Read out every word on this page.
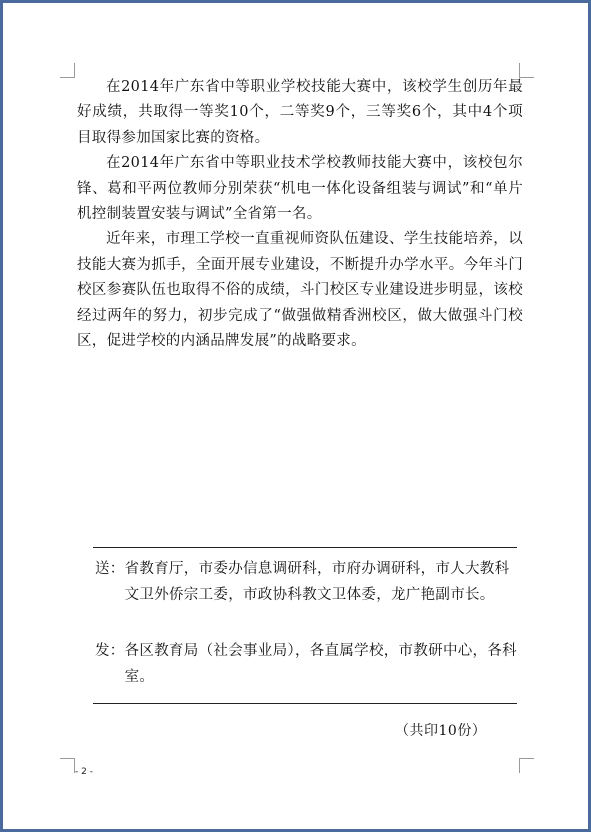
在2014年广东省中等职业学校技能大赛中，该校学生创历年最好成绩，共取得一等奖10个，二等奖9个，三等奖6个，其中4个项目取得参加国家比赛的资格。

在2014年广东省中等职业技术学校教师技能大赛中，该校包尔锋、葛和平两位教师分别荣获“机电一体化设备组装与调试”和“单片机控制装置安装与调试”全省第一名。

近年来，市理工学校一直重视师资队伍建设、学生技能培养，以技能大赛为抓手，全面开展专业建设，不断提升办学水平。今年斗门校区参赛队伍也取得不俗的成绩，斗门校区专业建设进步明显，该校经过两年的努力，初步完成了“做强做精香洲校区，做大做强斗门校区，促进学校的内涵品牌发展”的战略要求。

送： 省教育厅，市委办信息调研科，市府办调研科，市人大教科文卫外侨宗工委，市政协科教文卫体委，龙广艳副市长。
发： 各区教育局（社会事业局），各直属学校，市教研中心，各科室。
（共印10份）
- 2 -
